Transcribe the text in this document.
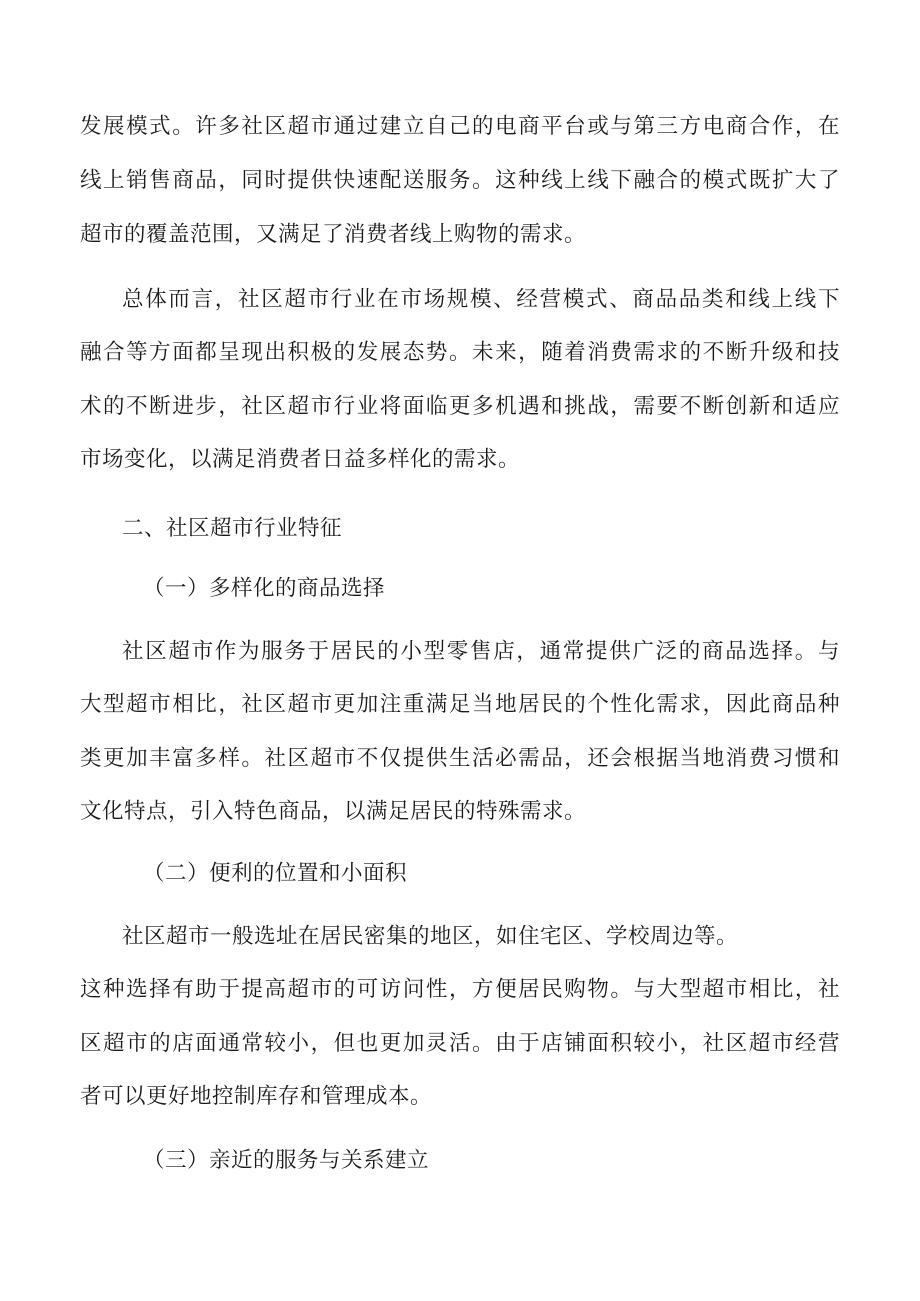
发展模式。许多社区超市通过建立自己的电商平台或与第三方电商合作，在
线上销售商品，同时提供快速配送服务。这种线上线下融合的模式既扩大了
超市的覆盖范围，又满足了消费者线上购物的需求。
总体而言，社区超市行业在市场规模、经营模式、商品品类和线上线下
融合等方面都呈现出积极的发展态势。未来，随着消费需求的不断升级和技
术的不断进步，社区超市行业将面临更多机遇和挑战，需要不断创新和适应
市场变化，以满足消费者日益多样化的需求。
二、社区超市行业特征
（一）多样化的商品选择
社区超市作为服务于居民的小型零售店，通常提供广泛的商品选择。与
大型超市相比，社区超市更加注重满足当地居民的个性化需求，因此商品种
类更加丰富多样。社区超市不仅提供生活必需品，还会根据当地消费习惯和
文化特点，引入特色商品，以满足居民的特殊需求。
（二）便利的位置和小面积
社区超市一般选址在居民密集的地区，如住宅区、学校周边等。
这种选择有助于提高超市的可访问性，方便居民购物。与大型超市相比，社
区超市的店面通常较小，但也更加灵活。由于店铺面积较小，社区超市经营
者可以更好地控制库存和管理成本。
（三）亲近的服务与关系建立
